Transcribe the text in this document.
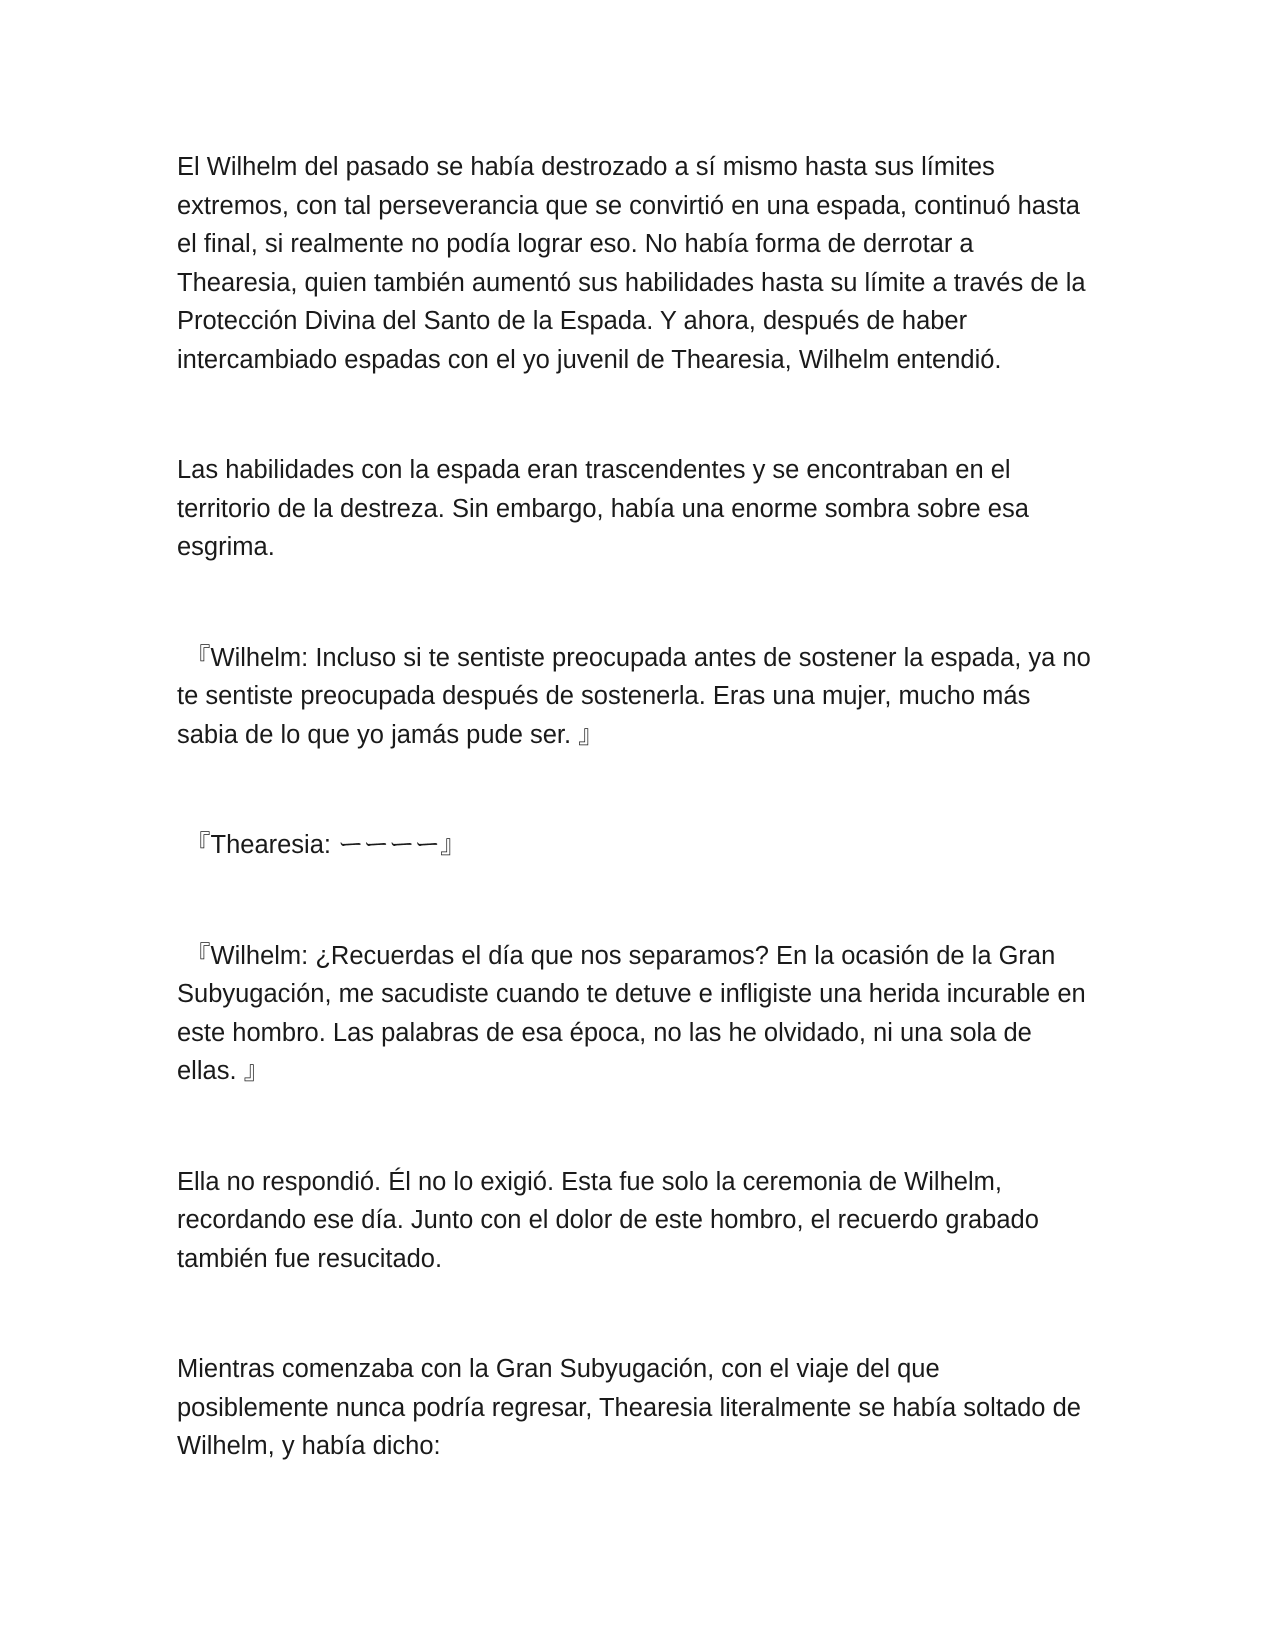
El Wilhelm del pasado se había destrozado a sí mismo hasta sus límites extremos, con tal perseverancia que se convirtió en una espada, continuó hasta el final, si realmente no podía lograr eso. No había forma de derrotar a Thearesia, quien también aumentó sus habilidades hasta su límite a través de la Protección Divina del Santo de la Espada. Y ahora, después de haber intercambiado espadas con el yo juvenil de Thearesia, Wilhelm entendió.

Las habilidades con la espada eran trascendentes y se encontraban en el territorio de la destreza. Sin embargo, había una enorme sombra sobre esa esgrima.

『Wilhelm: Incluso si te sentiste preocupada antes de sostener la espada, ya no te sentiste preocupada después de sostenerla. Eras una mujer, mucho más sabia de lo que yo jamás pude ser. 』

『Thearesia: ーーーー』

『Wilhelm: ¿Recuerdas el día que nos separamos? En la ocasión de la Gran Subyugación, me sacudiste cuando te detuve e infligiste una herida incurable en este hombro. Las palabras de esa época, no las he olvidado, ni una sola de ellas. 』

Ella no respondió. Él no lo exigió. Esta fue solo la ceremonia de Wilhelm, recordando ese día. Junto con el dolor de este hombro, el recuerdo grabado también fue resucitado.

Mientras comenzaba con la Gran Subyugación, con el viaje del que posiblemente nunca podría regresar, Thearesia literalmente se había soltado de Wilhelm, y había dicho:
